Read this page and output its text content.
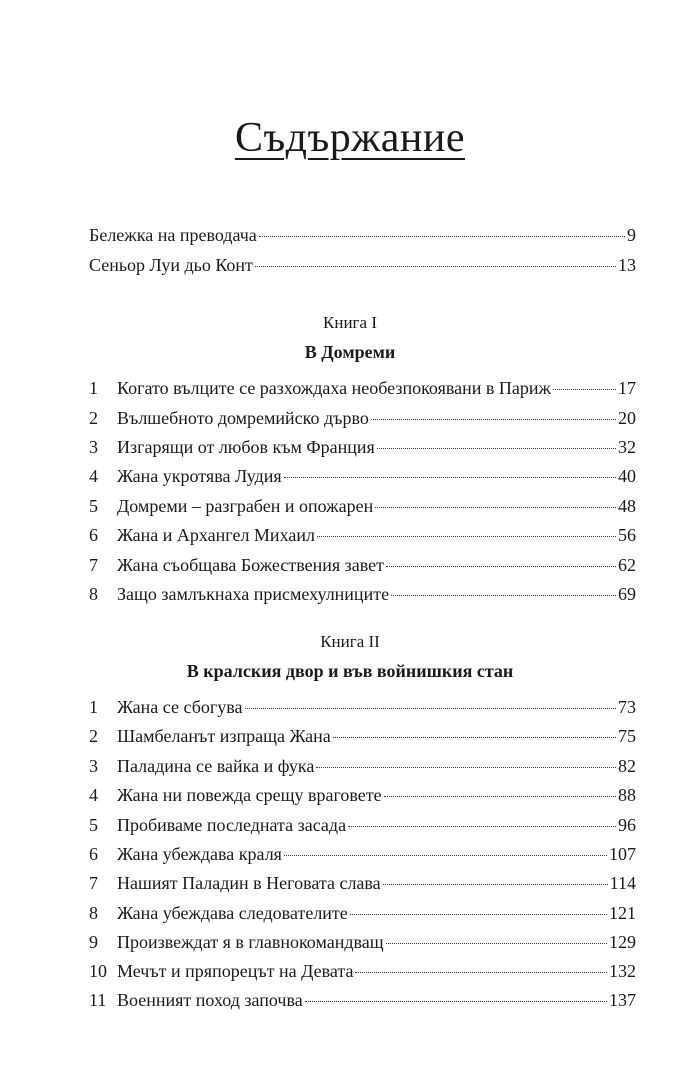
Съдържание
Бележка на преводача	9
Сеньор Луи дьо Конт	13
Книга I
В Домреми
1	Когато вълците се разхождаха необезпокоявани в Париж	17
2	Вълшебното домремийско дърво	20
3	Изгарящи от любов към Франция	32
4	Жана укротява Лудия	40
5	Домреми – разграбен и опожарен	48
6	Жана и Архангел Михаил	56
7	Жана съобщава Божествения завет	62
8	Защо замлъкнаха присмехулниците	69
Книга II
В кралския двор и във войнишкия стан
1	Жана се сбогува	73
2	Шамбеланът изпраща Жана	75
3	Паладина се вайка и фука	82
4	Жана ни повежда срещу враговете	88
5	Пробиваме последната засада	96
6	Жана убеждава краля	107
7	Нашият Паладин в Неговата слава	114
8	Жана убеждава следователите	121
9	Произвеждат я в главнокомандващ	129
10 Мечът и пряпорецът на Девата	132
11 Военният поход започва	137
